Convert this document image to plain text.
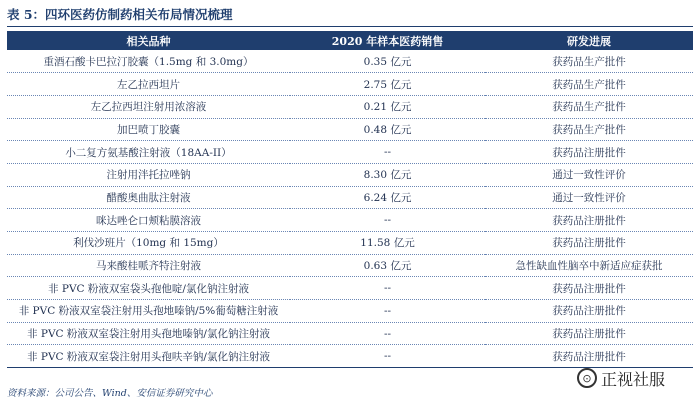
表 5：四环医药仿制药相关布局情况梳理
相关品种	2020 年样本医药销售	研发进展
重酒石酸卡巴拉汀胶囊（1.5mg 和 3.0mg）	0.35 亿元	获药品生产批件
左乙拉西坦片	2.75 亿元	获药品生产批件
左乙拉西坦注射用浓溶液	0.21 亿元	获药品生产批件
加巴喷丁胶囊	0.48 亿元	获药品生产批件
小二复方氨基酸注射液（18AA-II）	--	获药品注册批件
注射用泮托拉唑钠	8.30 亿元	通过一致性评价
醋酸奥曲肽注射液	6.24 亿元	通过一致性评价
咪达唑仑口颊粘膜溶液	--	获药品注册批件
利伐沙班片（10mg 和 15mg）	11.58 亿元	获药品注册批件
马来酸桂哌齐特注射液	0.63 亿元	急性缺血性脑卒中新适应症获批
非 PVC 粉液双室袋头孢他啶/氯化钠注射液	--	获药品注册批件
非 PVC 粉液双室袋注射用头孢地嗪钠/5%葡萄糖注射液	--	获药品注册批件
非 PVC 粉液双室袋注射用头孢地嗪钠/氯化钠注射液	--	获药品注册批件
非 PVC 粉液双室袋注射用头孢呋辛钠/氯化钠注射液	--	获药品注册批件
资料来源：公司公告、Wind、安信证券研究中心
⊙ 正视社服
